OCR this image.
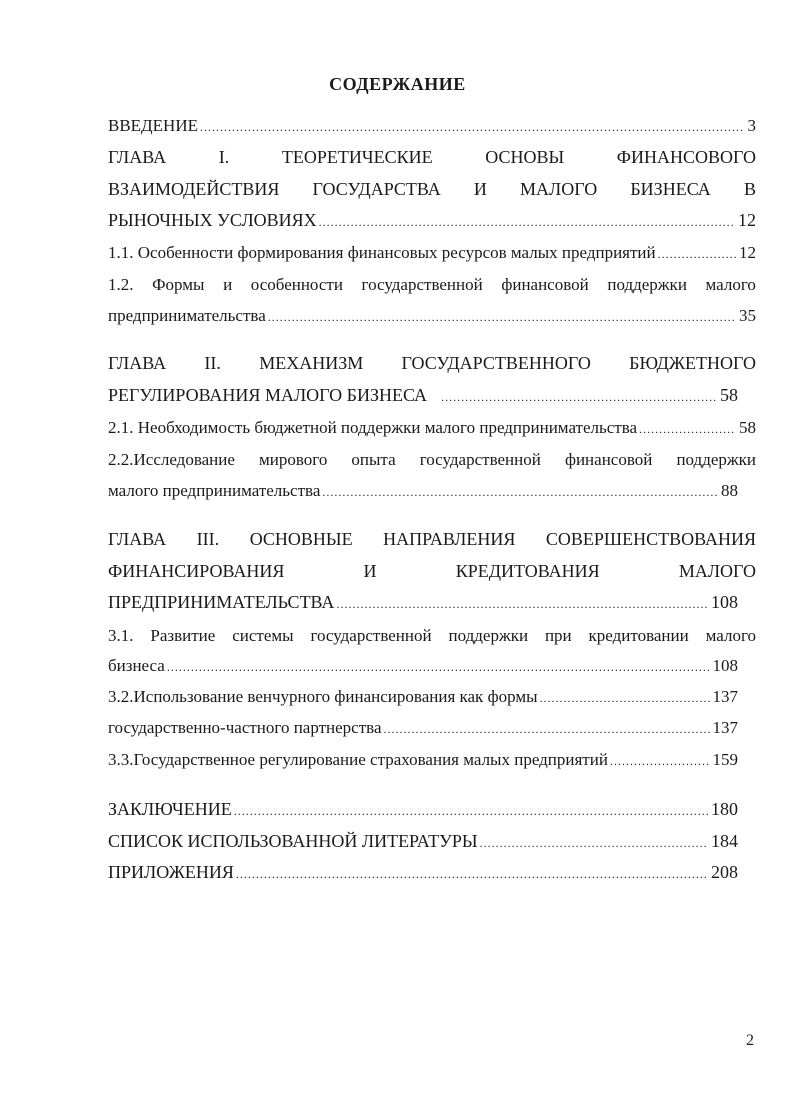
СОДЕРЖАНИЕ
ВВЕДЕНИЕ .....	3
ГЛАВА	I.	ТЕОРЕТИЧЕСКИЕ	ОСНОВЫ	ФИНАНСОВОГО
ВЗАИМОДЕЙСТВИЯ ГОСУДАРСТВА И МАЛОГО БИЗНЕСА В
РЫНОЧНЫХ УСЛОВИЯХ .....	12
1.1. Особенности формирования финансовых ресурсов малых предприятий .....	12
1.2. Формы и особенности государственной финансовой поддержки малого
предпринимательства .....	35
ГЛАВА II. МЕХАНИЗМ ГОСУДАРСТВЕННОГО БЮДЖЕТНОГО
РЕГУЛИРОВАНИЯ МАЛОГО БИЗНЕСА .....	58
2.1. Необходимость бюджетной поддержки малого предпринимательства .....	58
2.2.Исследование мирового опыта государственной финансовой поддержки
малого предпринимательства .....	88
ГЛАВА III. ОСНОВНЫЕ НАПРАВЛЕНИЯ СОВЕРШЕНСТВОВАНИЯ
ФИНАНСИРОВАНИЯ	И	КРЕДИТОВАНИЯ	МАЛОГО
ПРЕДПРИНИМАТЕЛЬСТВА .....	108
3.1. Развитие системы государственной поддержки при кредитовании малого
бизнеса .....	108
3.2.Использование венчурного финансирования как формы .....	137
государственно-частного партнерства .....	137
3.3.Государственное регулирование страхования малых предприятий .....	159
ЗАКЛЮЧЕНИЕ .....	180
СПИСОК ИСПОЛЬЗОВАННОЙ ЛИТЕРАТУРЫ .....	184
ПРИЛОЖЕНИЯ .....	208
2
